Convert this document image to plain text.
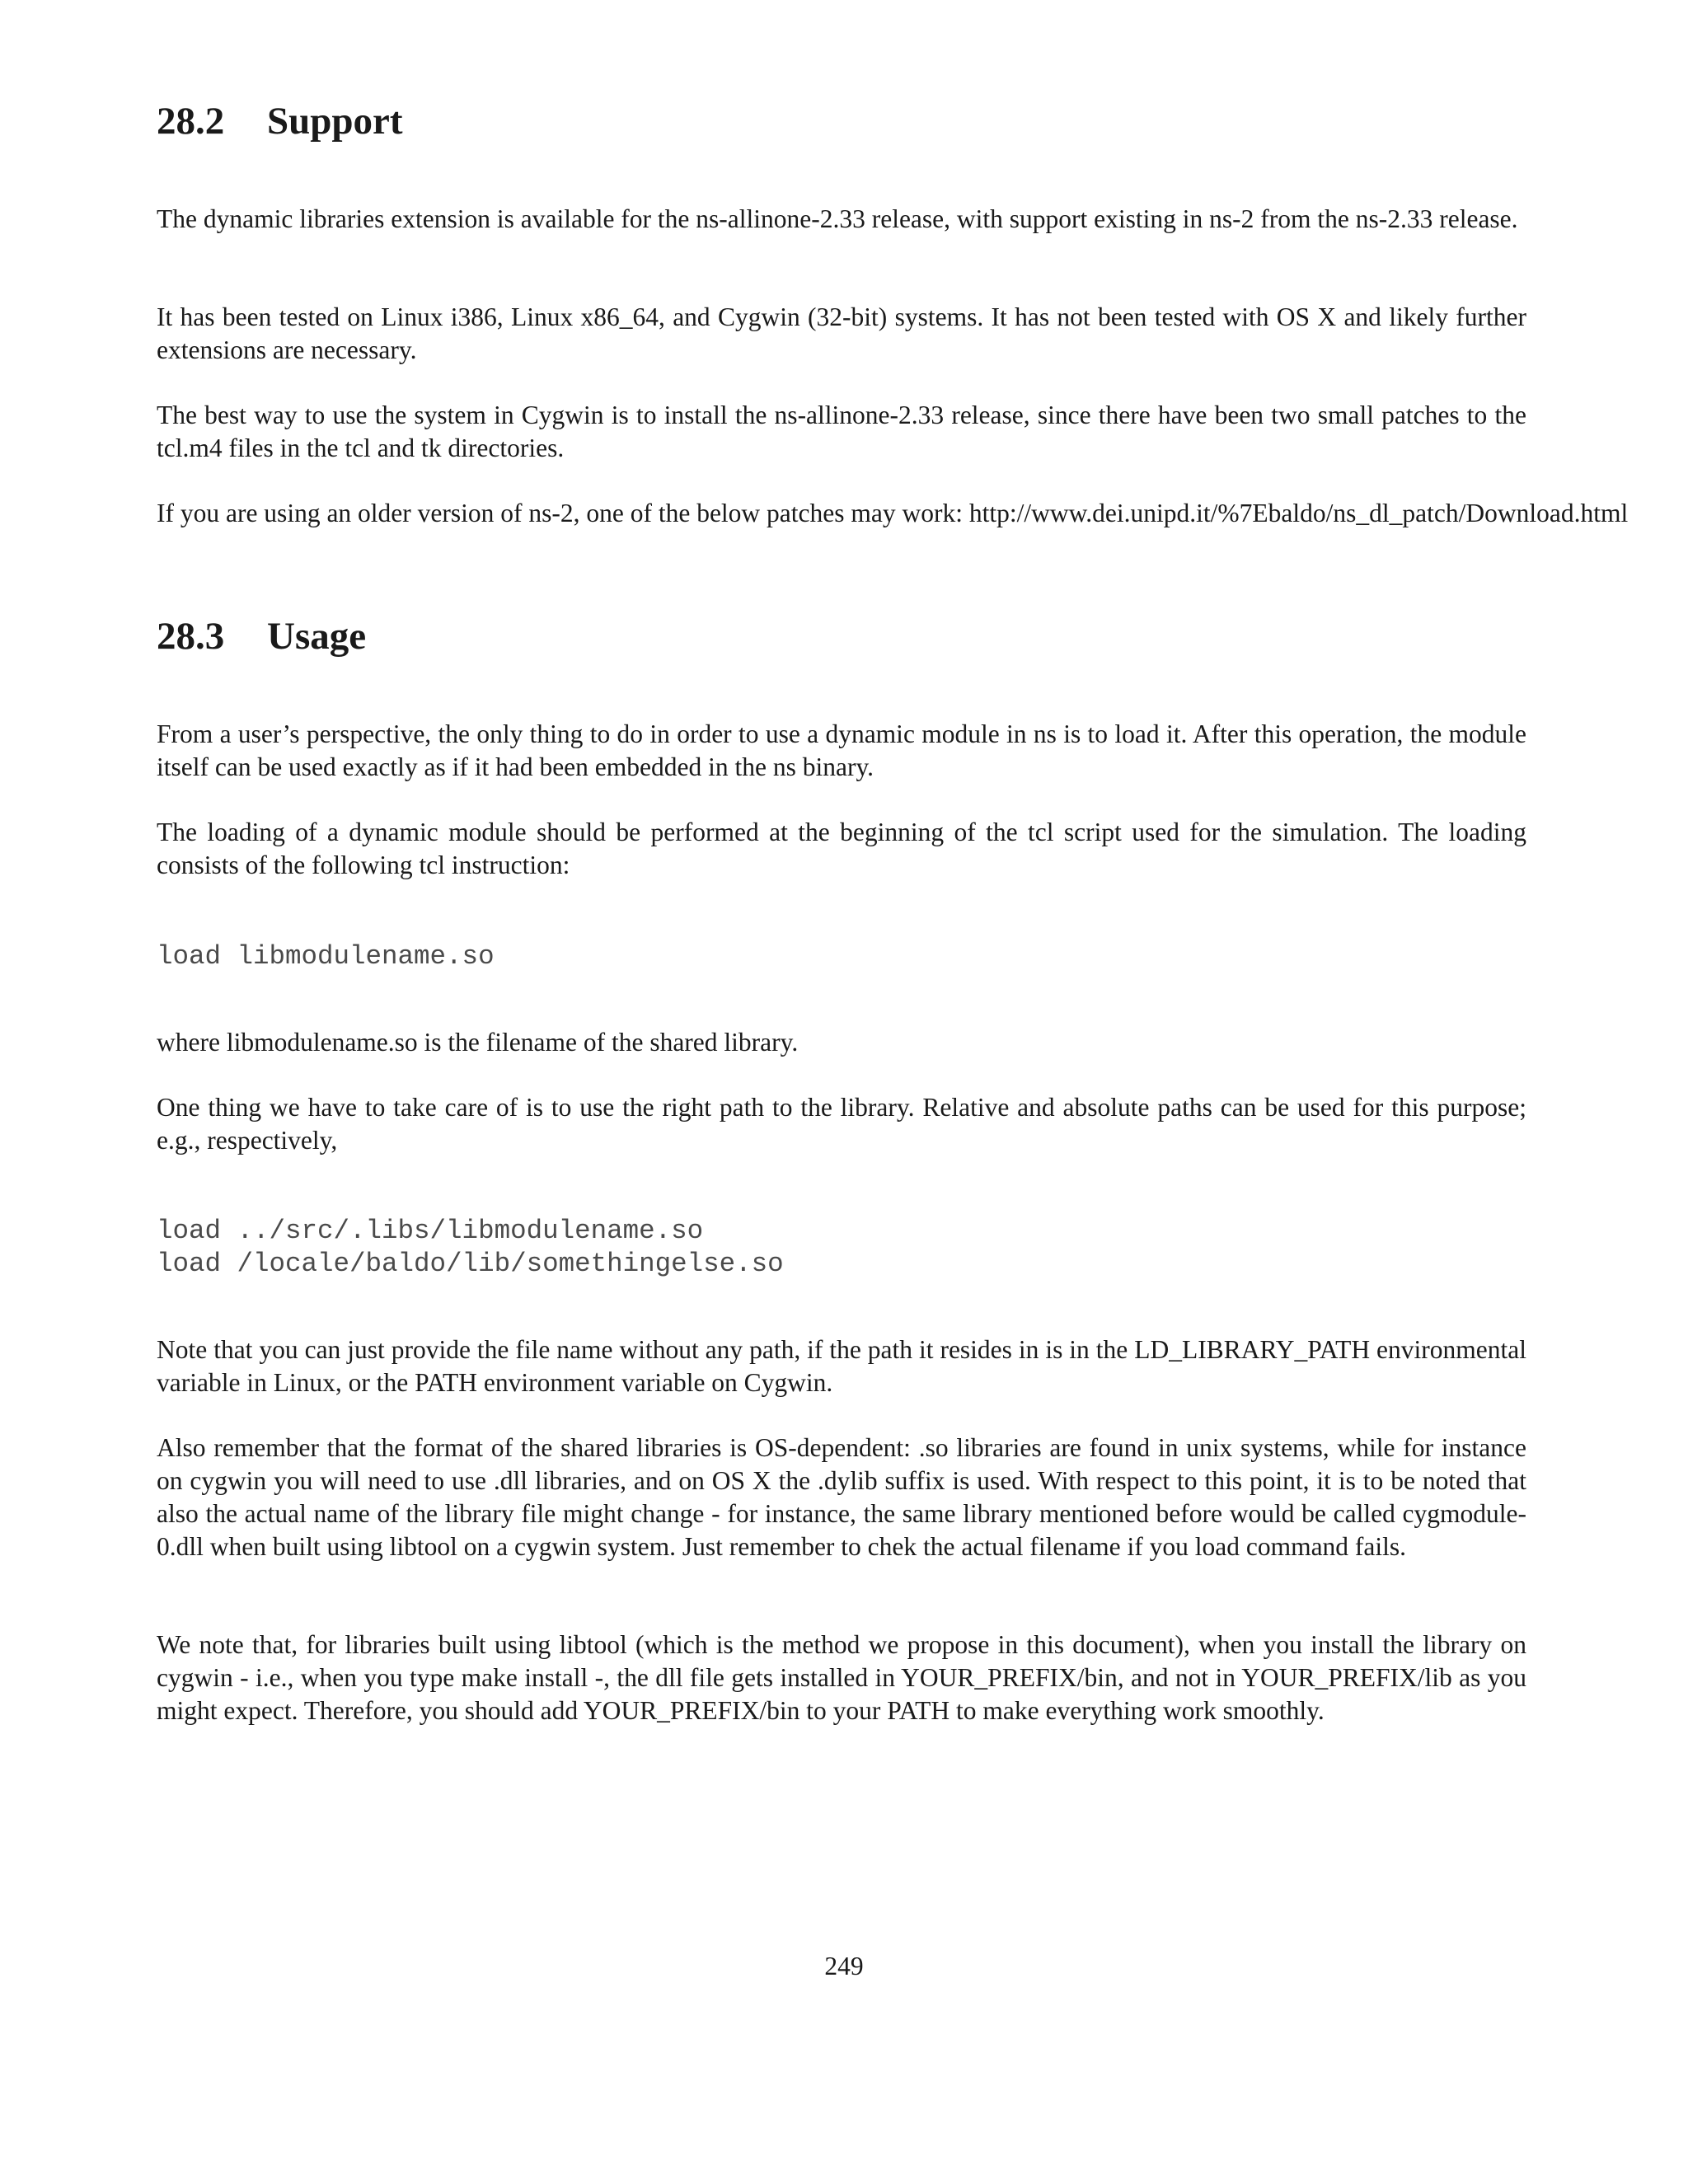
28.2 Support

The dynamic libraries extension is available for the ns-allinone-2.33 release, with support existing in ns-2 from the ns-2.33 release.

It has been tested on Linux i386, Linux x86_64, and Cygwin (32-bit) systems. It has not been tested with OS X and likely further extensions are necessary.

The best way to use the system in Cygwin is to install the ns-allinone-2.33 release, since there have been two small patches to the tcl.m4 files in the tcl and tk directories.

If you are using an older version of ns-2, one of the below patches may work: http://www.dei.unipd.it/%7Ebaldo/ns_dl_patch/Download.html

28.3 Usage

From a user’s perspective, the only thing to do in order to use a dynamic module in ns is to load it. After this operation, the module itself can be used exactly as if it had been embedded in the ns binary.

The loading of a dynamic module should be performed at the beginning of the tcl script used for the simulation. The loading consists of the following tcl instruction:

load libmodulename.so

where libmodulename.so is the filename of the shared library.

One thing we have to take care of is to use the right path to the library. Relative and absolute paths can be used for this purpose; e.g., respectively,

load ../src/.libs/libmodulename.so
load /locale/baldo/lib/somethingelse.so

Note that you can just provide the file name without any path, if the path it resides in is in the LD_LIBRARY_PATH environmental variable in Linux, or the PATH environment variable on Cygwin.

Also remember that the format of the shared libraries is OS-dependent: .so libraries are found in unix systems, while for instance on cygwin you will need to use .dll libraries, and on OS X the .dylib suffix is used. With respect to this point, it is to be noted that also the actual name of the library file might change - for instance, the same library mentioned before would be called cygmodule-0.dll when built using libtool on a cygwin system. Just remember to chek the actual filename if you load command fails.

We note that, for libraries built using libtool (which is the method we propose in this document), when you install the library on cygwin - i.e., when you type make install -, the dll file gets installed in YOUR_PREFIX/bin, and not in YOUR_PREFIX/lib as you might expect. Therefore, you should add YOUR_PREFIX/bin to your PATH to make everything work smoothly.

249
